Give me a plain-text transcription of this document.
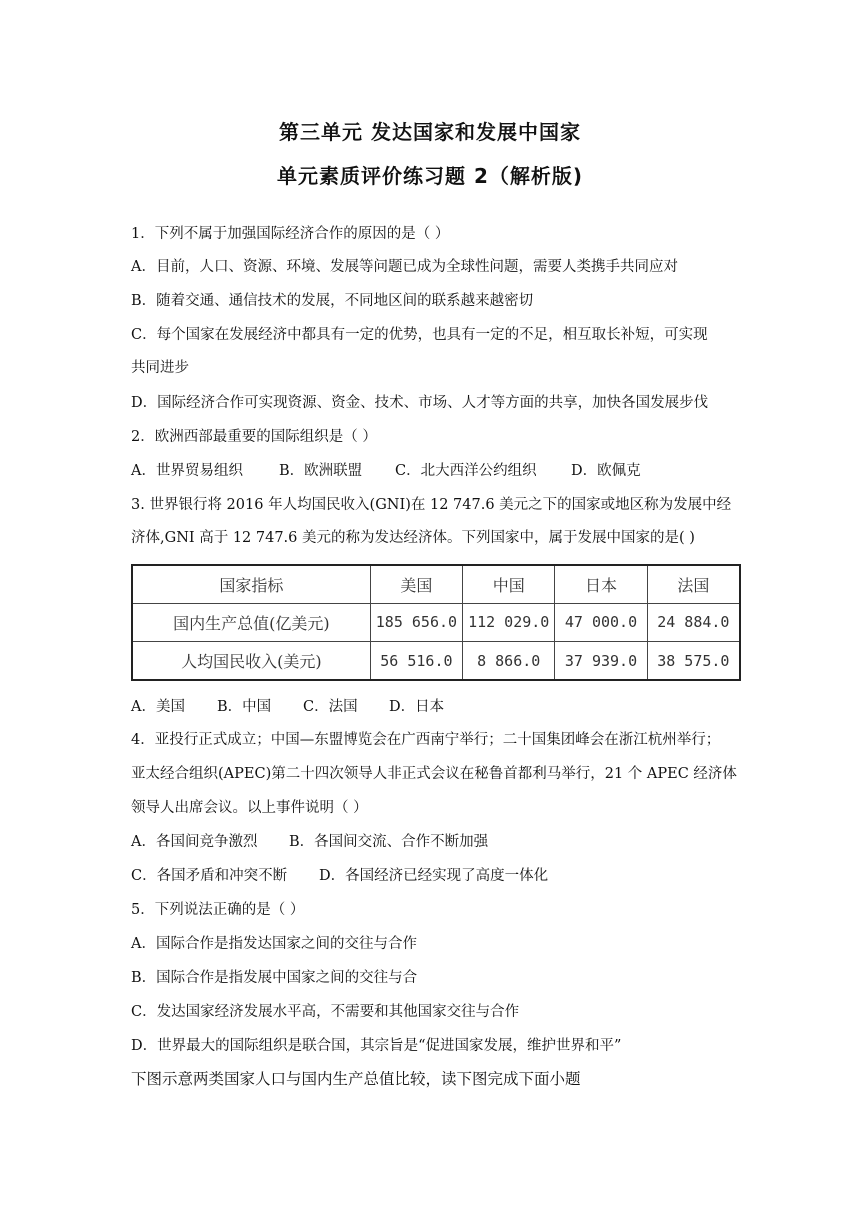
第三单元 发达国家和发展中国家
单元素质评价练习题 2（解析版)
1．下列不属于加强国际经济合作的原因的是（ ）
A．目前，人口、资源、环境、发展等问题已成为全球性问题，需要人类携手共同应对
B．随着交通、通信技术的发展，不同地区间的联系越来越密切
C．每个国家在发展经济中都具有一定的优势，也具有一定的不足，相互取长补短，可实现
共同进步
D．国际经济合作可实现资源、资金、技术、市场、人才等方面的共享，加快各国发展步伐
2．欧洲西部最重要的国际组织是（ ）
A．世界贸易组织 B．欧洲联盟 C．北大西洋公约组织 D．欧佩克
3. 世界银行将 2016 年人均国民收入(GNI)在 12 747.6 美元之下的国家或地区称为发展中经
济体,GNI 高于 12 747.6 美元的称为发达经济体。下列国家中，属于发展中国家的是( )
国家指标	美国	中国	日本	法国
国内生产总值(亿美元)	185 656.0	112 029.0	47 000.0	24 884.0
人均国民收入(美元)	56 516.0	8 866.0	37 939.0	38 575.0
A．美国 B．中国 C．法国 D．日本
4．亚投行正式成立；中国—东盟博览会在广西南宁举行；二十国集团峰会在浙江杭州举行；
亚太经合组织(APEC)第二十四次领导人非正式会议在秘鲁首都利马举行，21 个 APEC 经济体
领导人出席会议。以上事件说明（ ）
A．各国间竞争激烈 B．各国间交流、合作不断加强
C．各国矛盾和冲突不断 D．各国经济已经实现了高度一体化
5．下列说法正确的是（ ）
A．国际合作是指发达国家之间的交往与合作
B．国际合作是指发展中国家之间的交往与合
C．发达国家经济发展水平高，不需要和其他国家交往与合作
D．世界最大的国际组织是联合国，其宗旨是“促进国家发展，维护世界和平”
下图示意两类国家人口与国内生产总值比较，读下图完成下面小题
